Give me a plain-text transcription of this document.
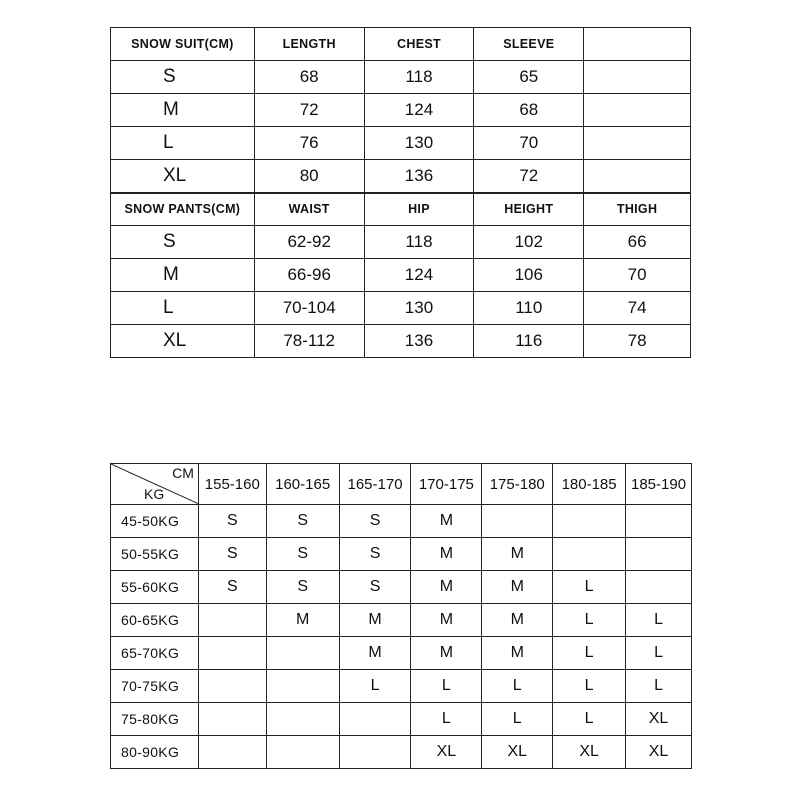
SNOW SUIT(CM)	LENGTH	CHEST	SLEEVE	
S	68	118	65	
M	72	124	68	
L	76	130	70	
XL	80	136	72	
SNOW PANTS(CM)	WAIST	HIP	HEIGHT	THIGH
S	62-92	118	102	66
M	66-96	124	106	70
L	70-104	130	110	74
XL	78-112	136	116	78
CM
KG	155-160	160-165	165-170	170-175	175-180	180-185	185-190
45-50KG	S	S	S	M			
50-55KG	S	S	S	M	M		
55-60KG	S	S	S	M	M	L	
60-65KG		M	M	M	M	L	L
65-70KG			M	M	M	L	L
70-75KG			L	L	L	L	L
75-80KG				L	L	L	XL
80-90KG				XL	XL	XL	XL
